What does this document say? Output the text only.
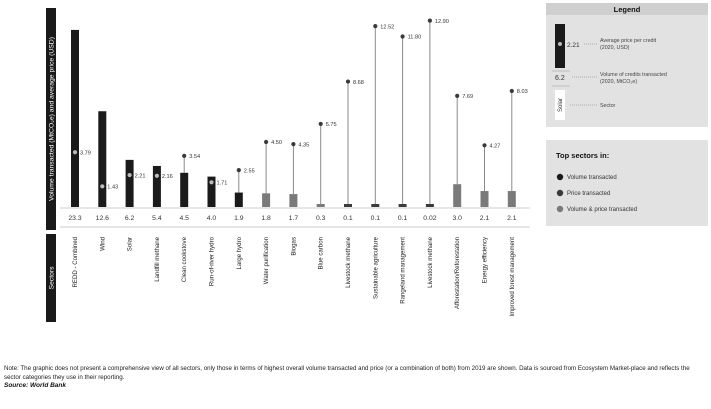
Volume transacted (MtCO₂e) and average price (USD)
Sectors
3.79
23.3
REDD - Combined
1.43
12.6
Wind
2.21
6.2
Solar
2.16
5.4
Landfill methane
3.54
4.5
Clean cookstove
1.71
4.0
Run-of-river hydro
2.55
1.9
Large hydro
4.50
1.8
Water purification
4.35
1.7
Biogas
5.75
0.3
Blue carbon
8.68
0.1
Livestock methane
12.52
0.1
Sustainable agriculture
11.80
0.1
Rangeland management
12.90
0.02
Livestock methane
7.69
3.0
Afforestation/Reforestation
4.27
2.1
Energy efficiency
8.03
2.1
Improved forest management
Legend
2.21
Average price per credit
(2020, USD)
6.2	Volume of credits transacted
(2020, MtCO₂e)
Solar	Sector
Top sectors in:
Volume transacted
Price transacted
Volume & price transacted
Note: The graphic does not present a comprehensive view of all sectors, only those in terms of highest overall volume transacted and price (or a combination of both) from 2019 are shown. Data is sourced from Ecosystem Market-place and reflects the sector categories they use in their reporting.
Source: World Bank
